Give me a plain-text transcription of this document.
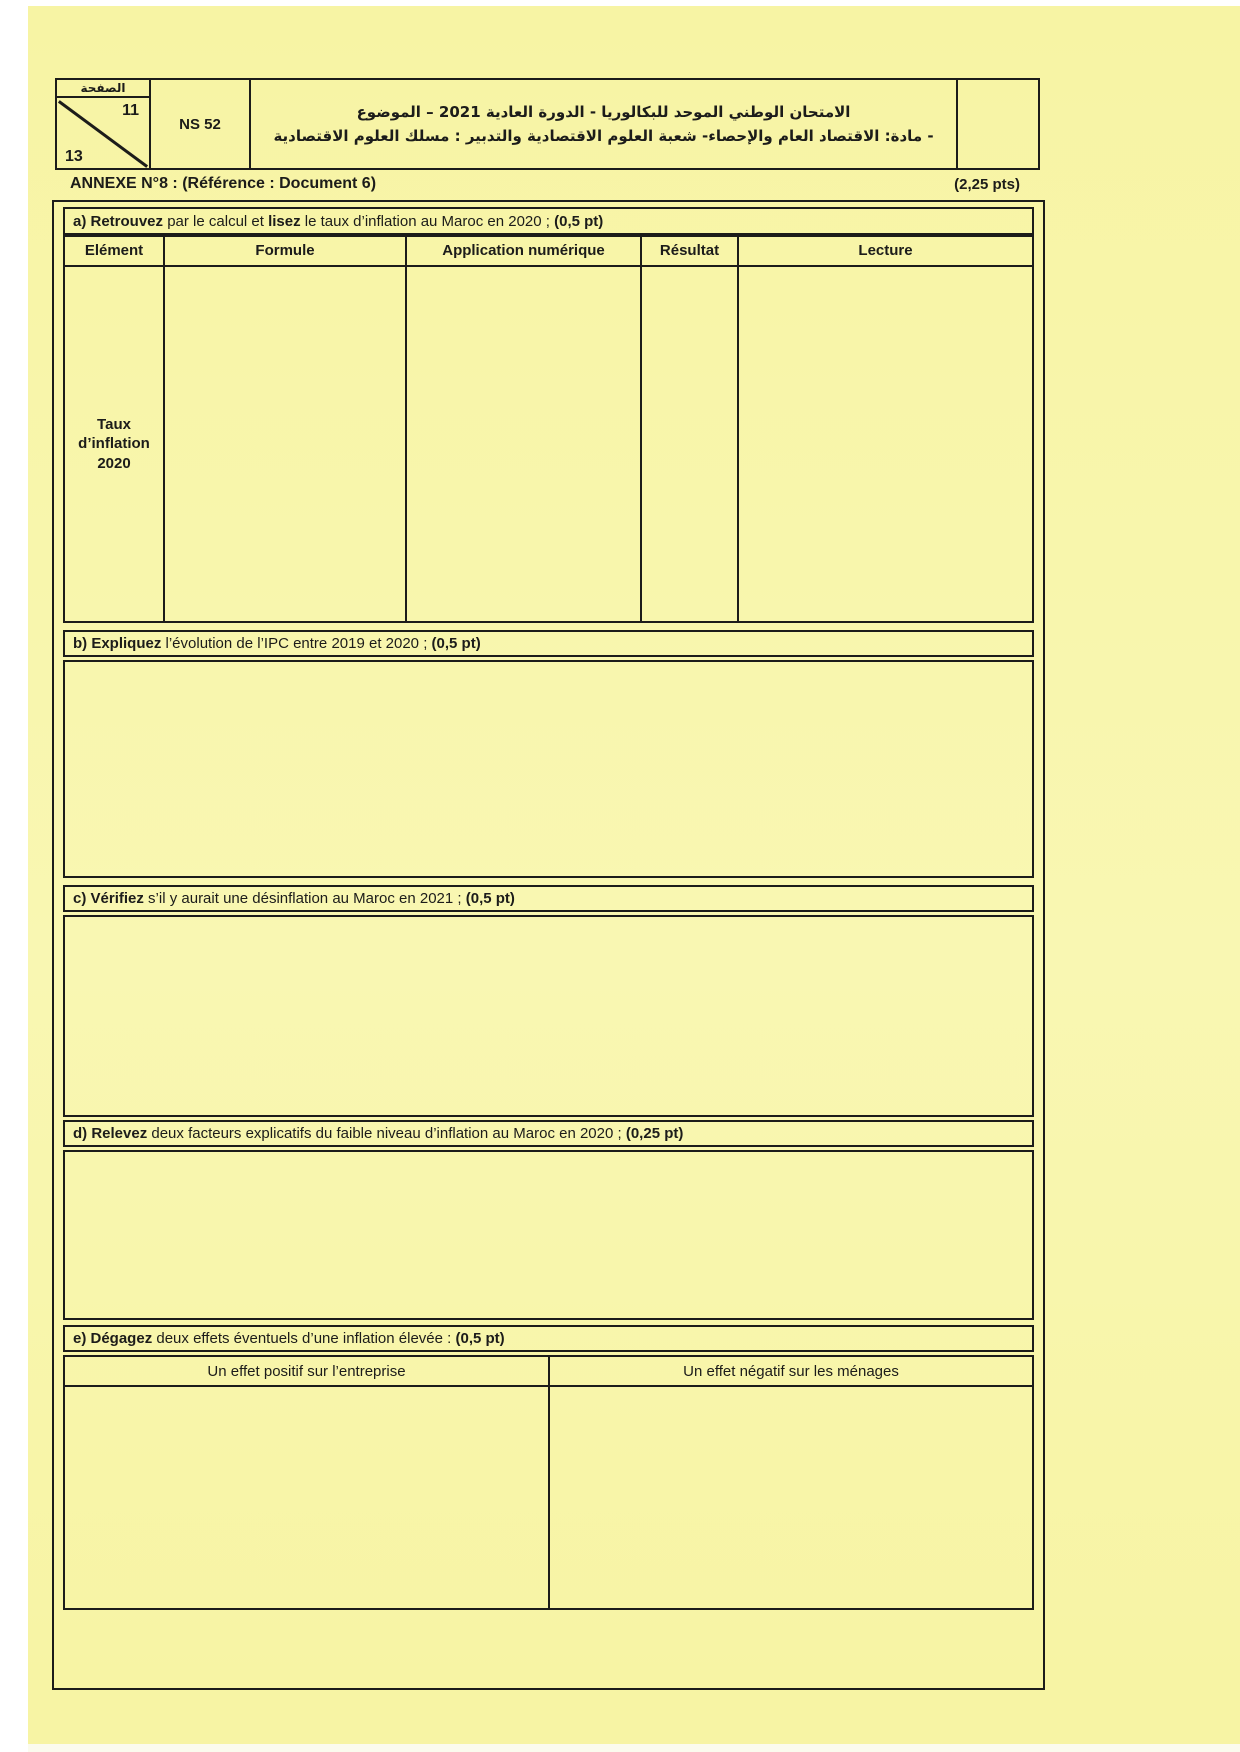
الصفحة
11
13
NS 52
الامتحان الوطني الموحد للبكالوريا - الدورة العادية 2021 – الموضوع
- مادة: الاقتصاد العام والإحصاء- شعبة العلوم الاقتصادية والتدبير : مسلك العلوم الاقتصادية
ANNEXE N°8 : (Référence : Document 6)	(2,25 pts)
a) Retrouvez par le calcul et lisez le taux d’inflation au Maroc en 2020 ; (0,5 pt)
Elément	Formule	Application numérique	Résultat	Lecture
Taux d’inflation 2020
b) Expliquez l’évolution de l’IPC entre 2019 et 2020 ; (0,5 pt)
c) Vérifiez s’il y aurait une désinflation au Maroc en 2021 ; (0,5 pt)
d) Relevez deux facteurs explicatifs du faible niveau d’inflation au Maroc en 2020 ; (0,25 pt)
e) Dégagez deux effets éventuels d’une inflation élevée : (0,5 pt)
Un effet positif sur l’entreprise	Un effet négatif sur les ménages
